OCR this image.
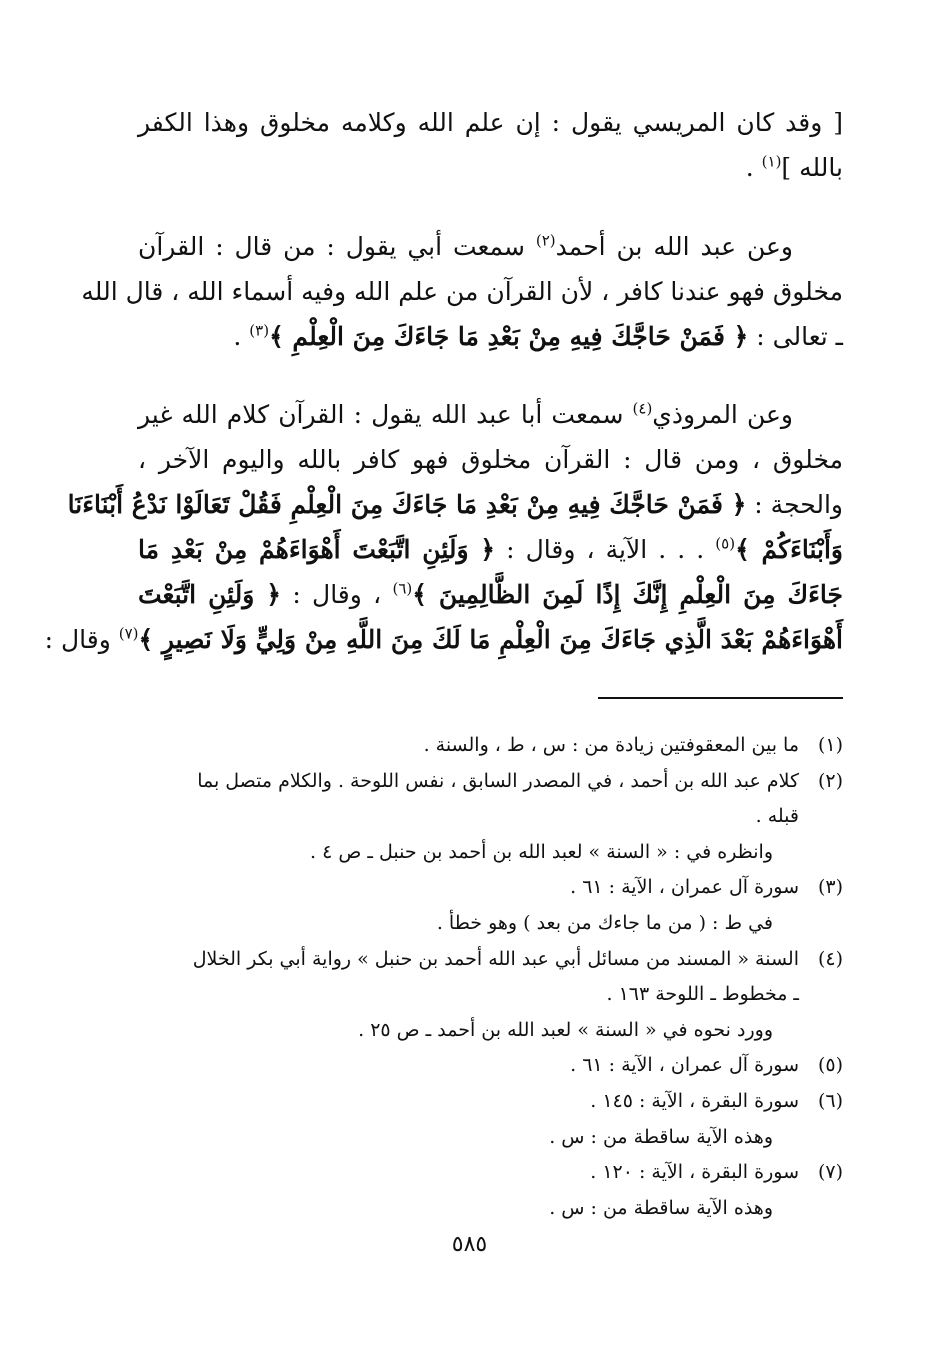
[ وقد كان المريسي يقول : إن علم الله وكلامه مخلوق وهذا الكفر
بالله ]$^{(١)}$ .
  وعن عبد الله بن أحمد$^{(٢)}$ سمعت أبي يقول : من قال : القرآن
مخلوق فهو عندنا كافر ، لأن القرآن من علم الله وفيه أسماء الله ، قال الله
ـ تعالى : ﴿ فَمَنْ حَاجَّكَ فِيهِ مِنْ بَعْدِ مَا جَاءَكَ مِنَ الْعِلْمِ ﴾$^{(٣)}$ .
  وعن المروذي$^{(٤)}$ سمعت أبا عبد الله يقول : القرآن كلام الله غير
مخلوق ، ومن قال : القرآن مخلوق فهو كافر بالله واليوم الآخر ،
والحجة : ﴿ فَمَنْ حَاجَّكَ فِيهِ مِنْ بَعْدِ مَا جَاءَكَ مِنَ الْعِلْمِ فَقُلْ تَعَالَوْا نَدْعُ أَبْنَاءَنَا
وَأَبْنَاءَكُمْ ﴾$^{(٥)}$ . . . الآية ، وقال : ﴿ وَلَئِنِ اتَّبَعْتَ أَهْوَاءَهُمْ مِنْ بَعْدِ مَا
جَاءَكَ مِنَ الْعِلْمِ إِنَّكَ إِذًا لَمِنَ الظَّالِمِينَ ﴾$^{(٦)}$ ، وقال : ﴿ وَلَئِنِ اتَّبَعْتَ
أَهْوَاءَهُمْ بَعْدَ الَّذِي جَاءَكَ مِنَ الْعِلْمِ مَا لَكَ مِنَ اللَّهِ مِنْ وَلِيٍّ وَلَا نَصِيرٍ ﴾$^{(٧)}$ وقال :
(١)
ما بين المعقوفتين زيادة من : س ، ط ، والسنة .
(٢)
كلام عبد الله بن أحمد ، في المصدر السابق ، نفس اللوحة . والكلام متصل بما
قبله .
وانظره في : « السنة » لعبد الله بن أحمد بن حنبل ـ ص ٤ .
(٣)
سورة آل عمران ، الآية : ٦١ .
في ط : ( من ما جاءك من بعد ) وهو خطأ .
(٤)
السنة « المسند من مسائل أبي عبد الله أحمد بن حنبل » رواية أبي بكر الخلال
ـ مخطوط ـ اللوحة ١٦٣ .
وورد نحوه في « السنة » لعبد الله بن أحمد ـ ص ٢٥ .
(٥)
سورة آل عمران ، الآية : ٦١ .
(٦)
سورة البقرة ، الآية : ١٤٥ .
وهذه الآية ساقطة من : س .
(٧)
سورة البقرة ، الآية : ١٢٠ .
وهذه الآية ساقطة من : س .
٥٨٥
